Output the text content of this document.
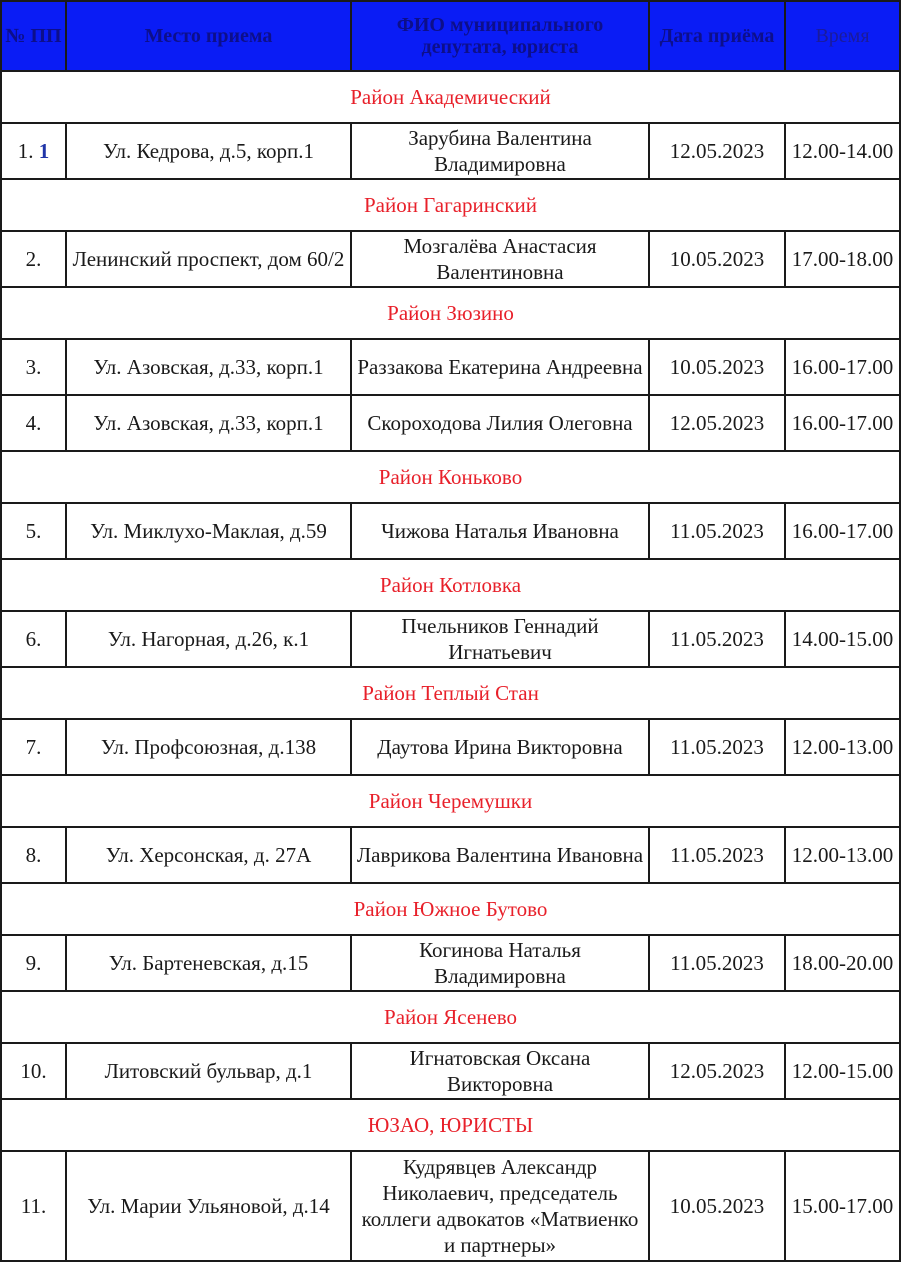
№ ПП	Место приема	ФИО муниципального депутата, юриста	Дата приёма	Время
Район Академический				
1. 1	Ул. Кедрова, д.5, корп.1	Зарубина Валентина Владимировна	12.05.2023	12.00-14.00
Район Гагаринский				
2.	Ленинский проспект, дом 60/2	Мозгалёва Анастасия Валентиновна	10.05.2023	17.00-18.00
Район Зюзино				
3.	Ул. Азовская, д.33, корп.1	Раззакова Екатерина Андреевна	10.05.2023	16.00-17.00
4.	Ул. Азовская, д.33, корп.1	Скороходова Лилия Олеговна	12.05.2023	16.00-17.00
Район Коньково				
5.	Ул. Миклухо-Маклая, д.59	Чижова Наталья Ивановна	11.05.2023	16.00-17.00
Район Котловка				
6.	Ул. Нагорная, д.26, к.1	Пчельников Геннадий Игнатьевич	11.05.2023	14.00-15.00
Район Теплый Стан				
7.	Ул. Профсоюзная, д.138	Даутова Ирина Викторовна	11.05.2023	12.00-13.00
Район Черемушки				
8.	Ул. Херсонская, д. 27А	Лаврикова Валентина Ивановна	11.05.2023	12.00-13.00
Район Южное Бутово				
9.	Ул. Бартеневская, д.15	Когинова Наталья Владимировна	11.05.2023	18.00-20.00
Район Ясенево				
10.	Литовский бульвар, д.1	Игнатовская Оксана Викторовна	12.05.2023	12.00-15.00
ЮЗАО, ЮРИСТЫ				
11.	Ул. Марии Ульяновой, д.14	Кудрявцев Александр Николаевич, председатель коллеги адвокатов «Матвиенко и партнеры»	10.05.2023	15.00-17.00
